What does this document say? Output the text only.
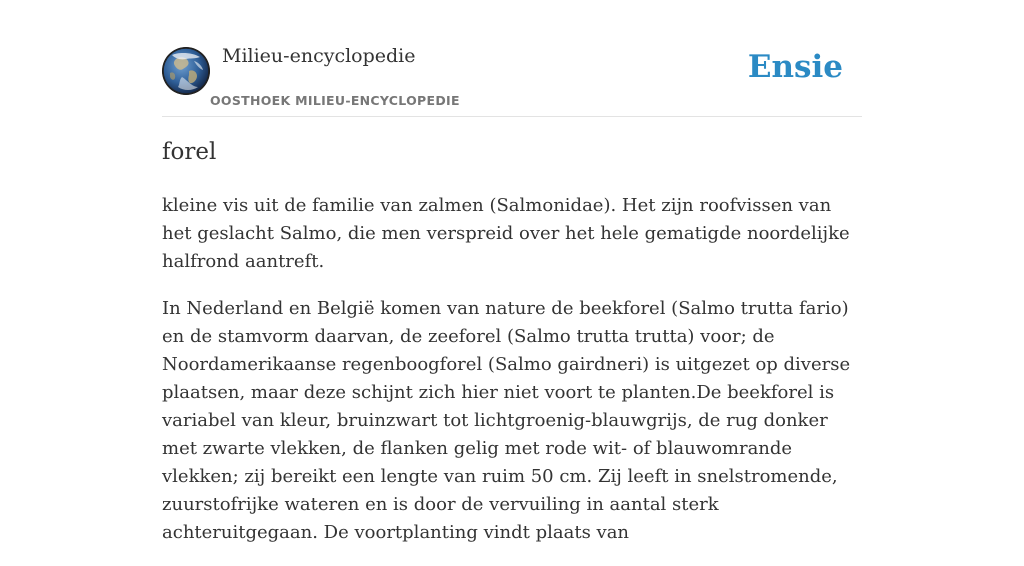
Milieu-encyclopedie
OOSTHOEK MILIEU-ENCYCLOPEDIE
Ensie
forel

kleine vis uit de familie van zalmen (Salmonidae). Het zijn roofvissen van het geslacht Salmo, die men verspreid over het hele gematigde noordelijke halfrond aantreft.

In Nederland en België komen van nature de beekforel (Salmo trutta fario) en de stamvorm daarvan, de zeeforel (Salmo trutta trutta) voor; de Noordamerikaanse regenboogforel (Salmo gairdneri) is uitgezet op diverse plaatsen, maar deze schijnt zich hier niet voort te planten.De beekforel is variabel van kleur, bruinzwart tot lichtgroenig-blauwgrijs, de rug donker met zwarte vlekken, de flanken gelig met rode wit- of blauwomrande vlekken; zij bereikt een lengte van ruim 50 cm. Zij leeft in snelstromende, zuurstofrijke wateren en is door de vervuiling in aantal sterk achteruitgegaan. De voortplanting vindt plaats van
